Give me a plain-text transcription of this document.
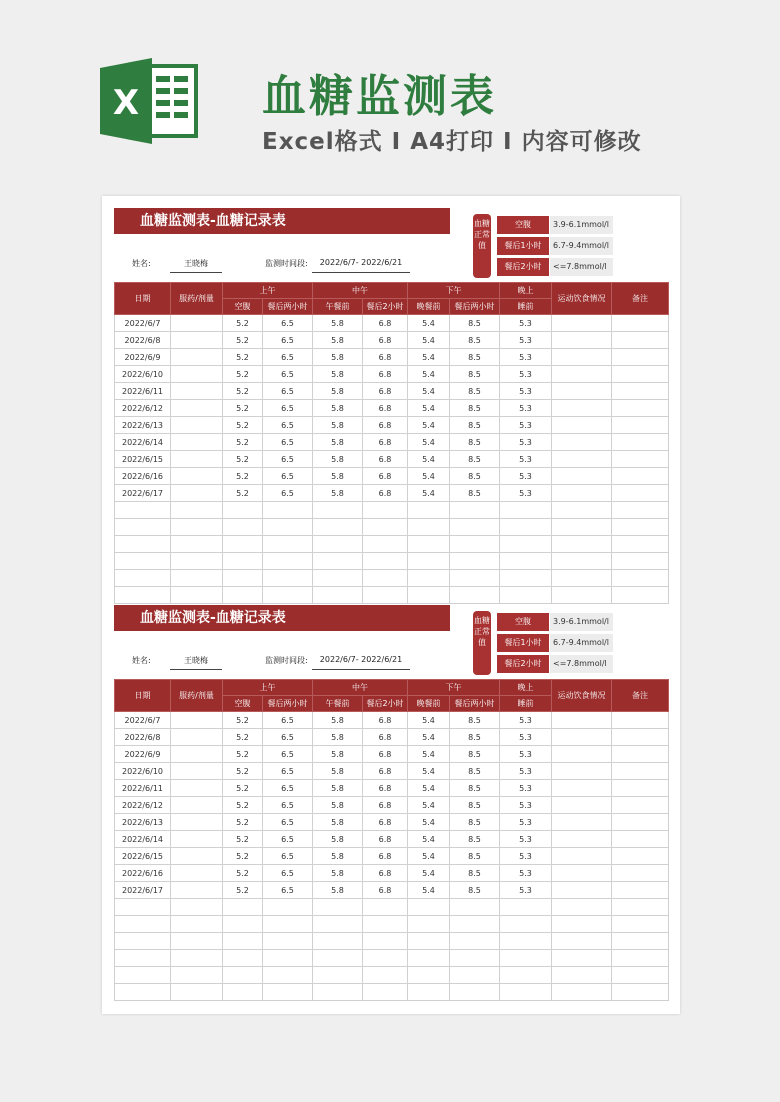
X	血糖监测表
Excel格式 I A4打印 I 内容可修改
血糖监测表-血糖记录表	血糖正常值
空腹	3.9-6.1mmol/l
餐后1小时	6.7-9.4mmol/l
餐后2小时	<=7.8mmol/l
姓名:	王晓梅	监测时间段:	2022/6/7- 2022/6/21
日期	服药/剂量	上午		中午		下午		晚上	运动饮食情况	备注
		空腹	餐后两小时	午餐前	餐后2小时	晚餐前	餐后两小时	睡前		
2022/6/7		5.2	6.5	5.8	6.8	5.4	8.5	5.3		
2022/6/8		5.2	6.5	5.8	6.8	5.4	8.5	5.3		
2022/6/9		5.2	6.5	5.8	6.8	5.4	8.5	5.3		
2022/6/10		5.2	6.5	5.8	6.8	5.4	8.5	5.3		
2022/6/11		5.2	6.5	5.8	6.8	5.4	8.5	5.3		
2022/6/12		5.2	6.5	5.8	6.8	5.4	8.5	5.3		
2022/6/13		5.2	6.5	5.8	6.8	5.4	8.5	5.3		
2022/6/14		5.2	6.5	5.8	6.8	5.4	8.5	5.3		
2022/6/15		5.2	6.5	5.8	6.8	5.4	8.5	5.3		
2022/6/16		5.2	6.5	5.8	6.8	5.4	8.5	5.3		
2022/6/17		5.2	6.5	5.8	6.8	5.4	8.5	5.3		

血糖监测表-血糖记录表	血糖正常值
空腹	3.9-6.1mmol/l
餐后1小时	6.7-9.4mmol/l
餐后2小时	<=7.8mmol/l
姓名:	王晓梅	监测时间段:	2022/6/7- 2022/6/21
日期	服药/剂量	上午		中午		下午		晚上	运动饮食情况	备注
		空腹	餐后两小时	午餐前	餐后2小时	晚餐前	餐后两小时	睡前		
2022/6/7		5.2	6.5	5.8	6.8	5.4	8.5	5.3		
2022/6/8		5.2	6.5	5.8	6.8	5.4	8.5	5.3		
2022/6/9		5.2	6.5	5.8	6.8	5.4	8.5	5.3		
2022/6/10		5.2	6.5	5.8	6.8	5.4	8.5	5.3		
2022/6/11		5.2	6.5	5.8	6.8	5.4	8.5	5.3		
2022/6/12		5.2	6.5	5.8	6.8	5.4	8.5	5.3		
2022/6/13		5.2	6.5	5.8	6.8	5.4	8.5	5.3		
2022/6/14		5.2	6.5	5.8	6.8	5.4	8.5	5.3		
2022/6/15		5.2	6.5	5.8	6.8	5.4	8.5	5.3		
2022/6/16		5.2	6.5	5.8	6.8	5.4	8.5	5.3		
2022/6/17		5.2	6.5	5.8	6.8	5.4	8.5	5.3		
